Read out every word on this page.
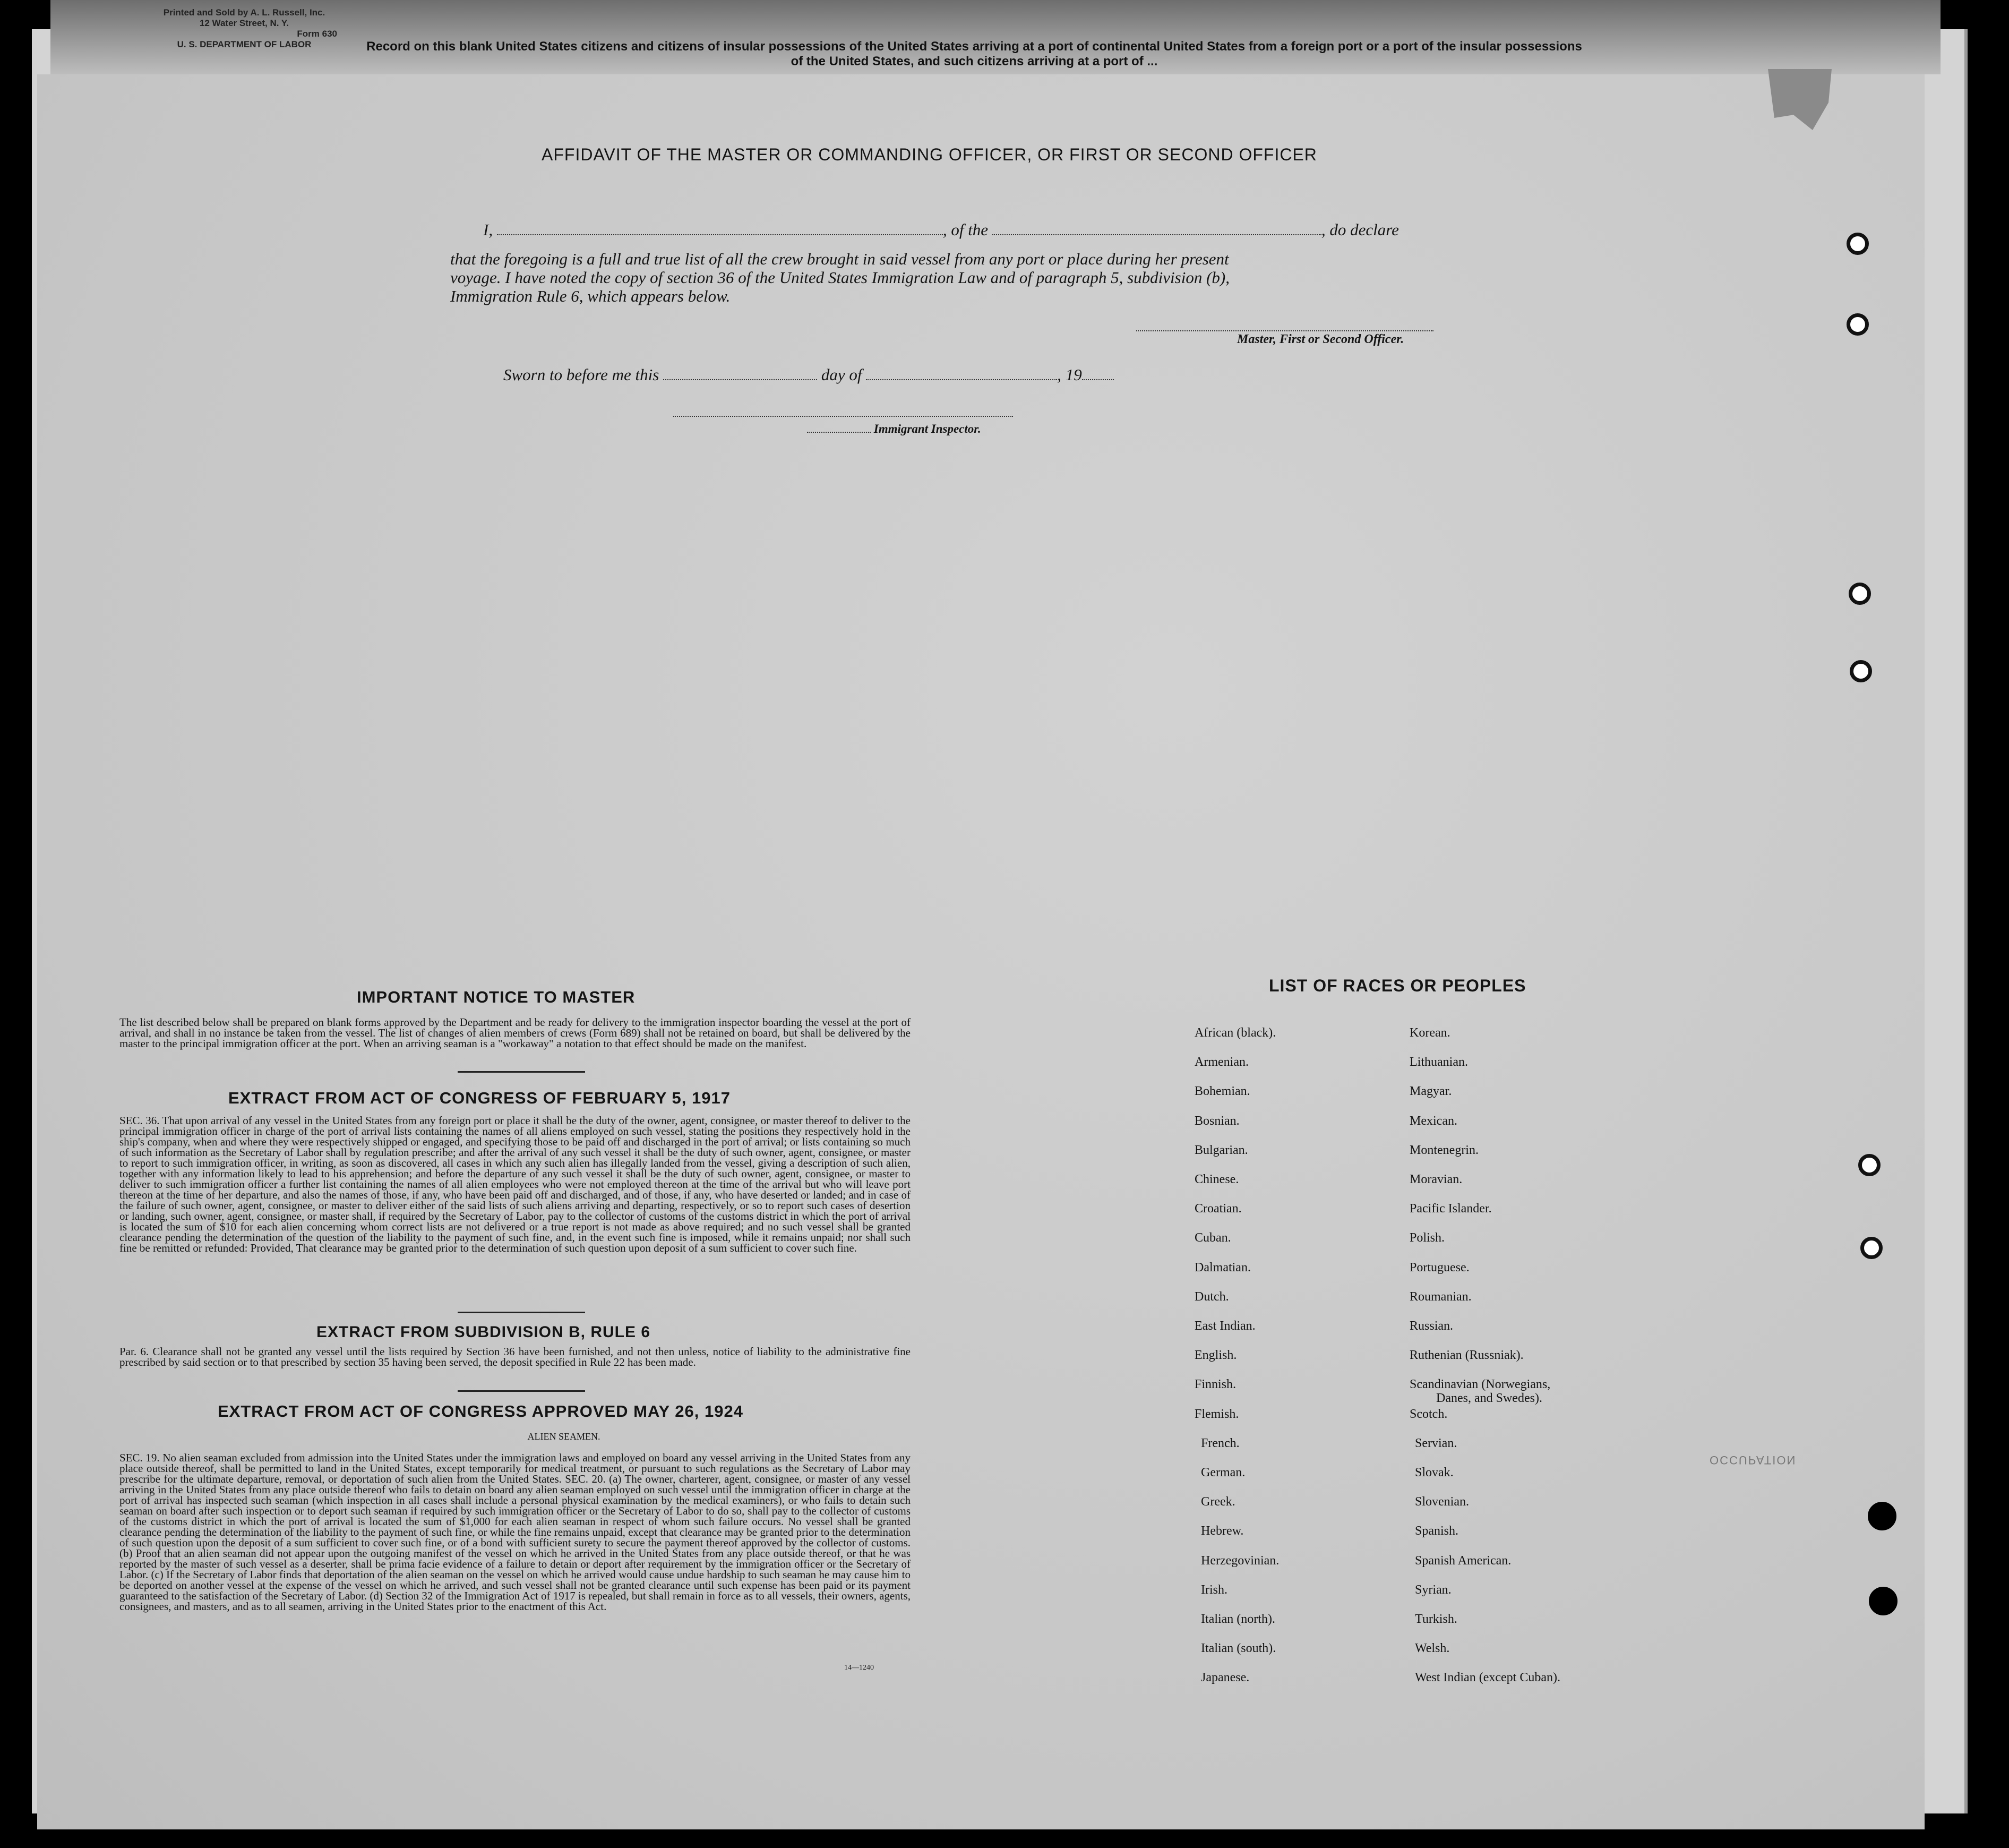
Printed and Sold by A. L. Russell, Inc.
12 Water Street, N. Y.
Form 630
U. S. DEPARTMENT OF LABOR	Record on this blank United States citizens and citizens of insular possessions of the United States arriving at a port of continental United States from a foreign port or a port of the insular possessions of the United States, and such citizens arriving at a port of ...
AFFIDAVIT OF THE MASTER OR COMMANDING OFFICER, OR FIRST OR SECOND OFFICER
I,	, of the	, do declare
that the foregoing is a full and true list of all the crew brought in said vessel from any port or place during her present
voyage. I have noted the copy of section 36 of the United States Immigration Law and of paragraph 5, subdivision (b),
Immigration Rule 6, which appears below.
Master, First or Second Officer.
Sworn to before me this	day of	, 19
Immigrant Inspector.
IMPORTANT NOTICE TO MASTER
The list described below shall be prepared on blank forms approved by the Department and be ready for delivery to the immigration inspector boarding the vessel at the port of arrival, and shall in no instance be taken from the vessel. The list of changes of alien members of crews (Form 689) shall not be retained on board, but shall be delivered by the master to the principal immigration officer at the port. When an arriving seaman is a "workaway" a notation to that effect should be made on the manifest.
EXTRACT FROM ACT OF CONGRESS OF FEBRUARY 5, 1917
SEC. 36. That upon arrival of any vessel in the United States from any foreign port or place it shall be the duty of the owner, agent, consignee, or master thereof to deliver to the principal immigration officer in charge of the port of arrival lists containing the names of all aliens employed on such vessel, stating the positions they respectively hold in the ship's company, when and where they were respectively shipped or engaged, and specifying those to be paid off and discharged in the port of arrival; or lists containing so much of such information as the Secretary of Labor shall by regulation prescribe; and after the arrival of any such vessel it shall be the duty of such owner, agent, consignee, or master to report to such immigration officer, in writing, as soon as discovered, all cases in which any such alien has illegally landed from the vessel, giving a description of such alien, together with any information likely to lead to his apprehension; and before the departure of any such vessel it shall be the duty of such owner, agent, consignee, or master to deliver to such immigration officer a further list containing the names of all alien employees who were not employed thereon at the time of the arrival but who will leave port thereon at the time of her departure, and also the names of those, if any, who have been paid off and discharged, and of those, if any, who have deserted or landed; and in case of the failure of such owner, agent, consignee, or master to deliver either of the said lists of such aliens arriving and departing, respectively, or so to report such cases of desertion or landing, such owner, agent, consignee, or master shall, if required by the Secretary of Labor, pay to the collector of customs of the customs district in which the port of arrival is located the sum of $10 for each alien concerning whom correct lists are not delivered or a true report is not made as above required; and no such vessel shall be granted clearance pending the determination of the question of the liability to the payment of such fine, and, in the event such fine is imposed, while it remains unpaid; nor shall such fine be remitted or refunded: Provided, That clearance may be granted prior to the determination of such question upon deposit of a sum sufficient to cover such fine.
EXTRACT FROM SUBDIVISION B, RULE 6
Par. 6. Clearance shall not be granted any vessel until the lists required by Section 36 have been furnished, and not then unless, notice of liability to the administrative fine prescribed by said section or to that prescribed by section 35 having been served, the deposit specified in Rule 22 has been made.
EXTRACT FROM ACT OF CONGRESS APPROVED MAY 26, 1924
ALIEN SEAMEN.
SEC. 19. No alien seaman excluded from admission into the United States under the immigration laws and employed on board any vessel arriving in the United States from any place outside thereof, shall be permitted to land in the United States, except temporarily for medical treatment, or pursuant to such regulations as the Secretary of Labor may prescribe for the ultimate departure, removal, or deportation of such alien from the United States. SEC. 20. (a) The owner, charterer, agent, consignee, or master of any vessel arriving in the United States from any place outside thereof who fails to detain on board any alien seaman employed on such vessel until the immigration officer in charge at the port of arrival has inspected such seaman (which inspection in all cases shall include a personal physical examination by the medical examiners), or who fails to detain such seaman on board after such inspection or to deport such seaman if required by such immigration officer or the Secretary of Labor to do so, shall pay to the collector of customs of the customs district in which the port of arrival is located the sum of $1,000 for each alien seaman in respect of whom such failure occurs. No vessel shall be granted clearance pending the determination of the liability to the payment of such fine, or while the fine remains unpaid, except that clearance may be granted prior to the determination of such question upon the deposit of a sum sufficient to cover such fine, or of a bond with sufficient surety to secure the payment thereof approved by the collector of customs. (b) Proof that an alien seaman did not appear upon the outgoing manifest of the vessel on which he arrived in the United States from any place outside thereof, or that he was reported by the master of such vessel as a deserter, shall be prima facie evidence of a failure to detain or deport after requirement by the immigration officer or the Secretary of Labor. (c) If the Secretary of Labor finds that deportation of the alien seaman on the vessel on which he arrived would cause undue hardship to such seaman he may cause him to be deported on another vessel at the expense of the vessel on which he arrived, and such vessel shall not be granted clearance until such expense has been paid or its payment guaranteed to the satisfaction of the Secretary of Labor. (d) Section 32 of the Immigration Act of 1917 is repealed, but shall remain in force as to all vessels, their owners, agents, consignees, and masters, and as to all seamen, arriving in the United States prior to the enactment of this Act.
14—1240
LIST OF RACES OR PEOPLES
African (black).
Armenian.
Bohemian.
Bosnian.
Bulgarian.
Chinese.
Croatian.
Cuban.
Dalmatian.
Dutch.
East Indian.
English.
Finnish.
Flemish.
French.
German.
Greek.
Hebrew.
Herzegovinian.
Irish.
Italian (north).
Italian (south).
Japanese.
Korean.
Lithuanian.
Magyar.
Mexican.
Montenegrin.
Moravian.
Pacific Islander.
Polish.
Portuguese.
Roumanian.
Russian.
Ruthenian (Russniak).
Scandinavian (Norwegians,
Danes, and Swedes).
Scotch.
Servian.
Slovak.
Slovenian.
Spanish.
Spanish American.
Syrian.
Turkish.
Welsh.
West Indian (except Cuban).
OCCUPATION
